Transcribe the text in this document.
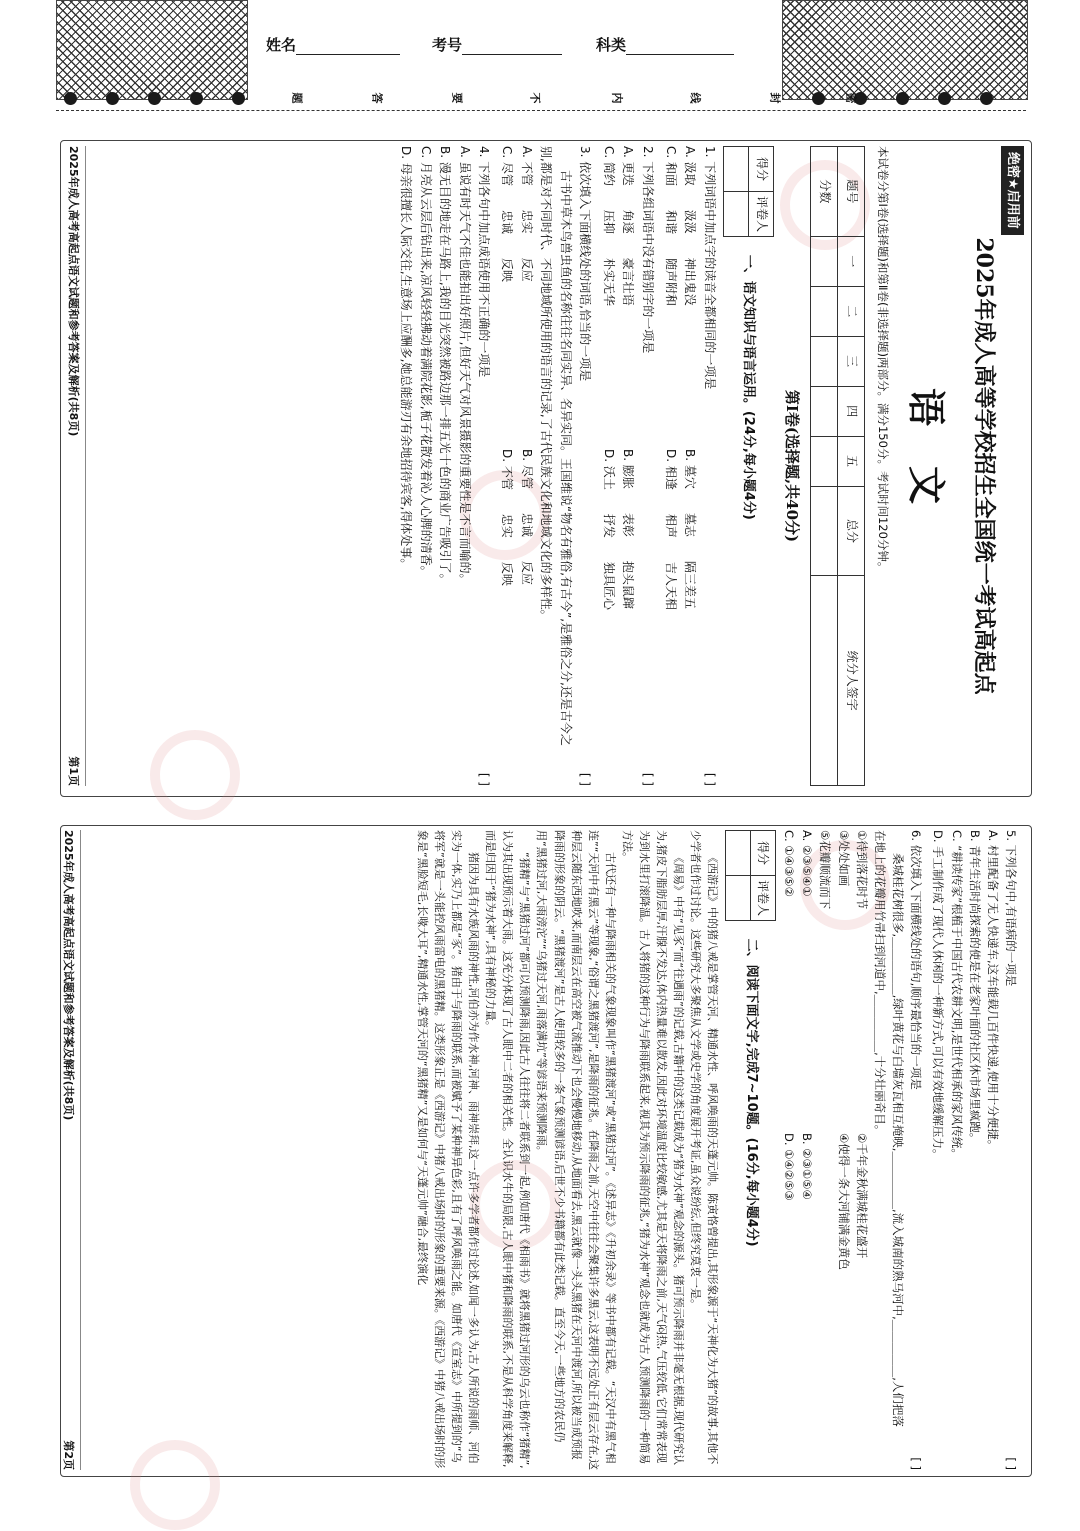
姓名	考号	科类
密
封
线
内
不
要
答
题
绝密★启用前
2025年成人高等学校招生全国统一考试高起点
语文
本试卷分第Ⅰ卷(选择题)和第Ⅱ卷(非选择题)两部分。满分150分。考试时间120分钟。
题号	一	二	三	四	五	总分	统分人签字
分数							
第Ⅰ卷(选择题,共40分)
得分	评卷人
	一、语文知识与语言运用。(24分,每小题4分)
1. 下列词语中加点字的读音全都相同的一项是
[ ]
A. 汲取　　汲汲　　神出鬼没
B. 墓穴　　墓志　　隔三差五
C. 和面　　和谐　　随声附和
D. 相逢　　相声　　吉人天相
2. 下列各组词语中没有错别字的一项是
[ ]
A. 更迭　　角逐　　豪言壮语
B. 膨胀　　表彰　　抱头鼠蹿
C. 简约　　压抑　　朴实无华
D. 沃土　　抒发　　独具匠心
3. 依次填入下面横线处的词语,恰当的一项是
[ ]
古书中草木鸟兽虫鱼的名称往往名同实异、名异实同。王国维说“物名有雅俗,有古今”,是雅俗之分,还是古今之别,都是对不同时代、不同地域所使用的语言的记录,了古代民族文化和地域文化的多样性。
A. 不管　　忠实　　反应
B. 尽管　　忠诚　　反应
C. 尽管　　忠诚　　反映
D. 不管　　忠实　　反映
4. 下列各句中加点成语使用不正确的一项是
[ ]
A. 虽说有时天气不佳也能拍出好照片,但好天气对风景摄影的重要性是不言而喻的。
B. 漫无目的地走在马路上,我的目光突然被路边那一排五光十色的商业广告吸引了。
C. 月亮从云层后钻出来,凉风轻轻拂动着满院花影,栀子花散发着沁人心脾的清香。
D. 母亲很擅长人际交往,生意场上应酬多,她总能游刃有余地招待宾客,得体处事。
2025年成人高考高起点语文试题和参考答案及解析(共8页)
第1页
5. 下列各句中,有语病的一项是
[ ]
A. 村里配备了无人快递车,这车能载几百件快递,使用十分便捷。
B. 青年生活时尚探索的使是在老家叶面的社区休市场里疯跑。
C. “耕读传家”根植于中国古代农耕文明,是世代相承的家风传统。
D. 手工制作成了现代人休闲的一种新方式,可以有效地缓解压力。
6. 依次填入下面横线处的语句,顺序最恰当的一项是
[ ]
桑城桂花树很多,＿＿＿＿＿,绿叶黄花与白墙灰瓦相互掩映,＿＿＿＿＿,流入城南的熟马河中,＿＿＿＿＿,人们把落在地上的花瓣用竹帚扫到河道中,＿＿＿＿＿,十分壮丽奇目。
①待到落花时节
②千年金秋满城桂花盛开
③处处如画
④使得一条大河铺满金黄色
⑤花瓣顺流而下
A. ②③⑤④①
B. ②③①⑤④
C. ①④③⑤②
D. ①④②⑤③
得分	评卷人
	二、阅读下面文字,完成7~10题。(16分,每小题4分)

《西游记》中的猪八戒是掌管天河、精通水性、呼风唤雨的天蓬元帅。陈寅恪曾提出,其形象源于“天神化为大猪”的故事,其他不少学者也作过讨论。这些研究大多聚焦从文学或史学的角度展开考证,虽众说纷纭,但终究莫衷一是。

《周易》中有“见豕”而“往遇雨”的记载,古籍中的这类记载成为“猪为水神”观念的源头。猪可预示降雨并非毫无根据,现代研究认为,猪皮下脂肪层厚,汗腺不发达,体内热量难以散发,因此对环境温度比较敏感,尤其是天将降雨之前,天气闷热,气压较低,它们常常表现为到水里打滚降温。古人将猪的这种行为与降雨联系起来,视其为预示降雨的征兆,“猪为水神”观念也就成为古人预测降雨的一种简易方法。

古代还有一种与降雨相关的气象现象叫作“黑猪渡河”或“黑猪过河”。《述异志》《升初余录》等书中都有记载。“天汉中有黑气相连”“天河中有黑云”等现象,“俗谓之黑猪渡河”,是降雨的征兆。在降雨之前,天空中往往会聚集许多黑云,这表明不远处正有层云存在,这种层云随东西地吹来,而南层云在高空被气流推动下也会慢慢地移动,从地面看去,黑云就像一头头黑猪在天河中渡河,所以被当成预报降雨的形象的阴云。“黑猪渡河”是古人使用较多的一条气象预测谚语,后世不少书籍都有此类记载。直至今天,一些地方的农民仍用“黑猪过河,大雨滂沱”“乌猪过天河,雨落满坑”等谚语来预测降雨。

“猪精”与“黑猪过河”都可以预测降雨,因此古人往往将二者联系到一起,例如唐代《相雨书》就将黑猪过河形的乌云也称作“猪精”,认为其出现预示着大雨。这充分体现了古人眼中二者的相关性。全认识水牛的局限,古人眼中猪和降雨的联系,不是从科学角度来解释,而是归因于“猪为水神”,具有神秘的力量。

猪因为具有水族风雨的神性,河伯亦为作水神,河神、雨神崇拜,这一点许多学者都作过论述,如闻一多认为,古人所说的雨师、河伯实为一体,实乃上都是“豕”。猪由于与降雨的联系,而被赋予了某种神异色彩,且有了呼风唤雨之能。如唐代《宣室志》中所提到的“乌将军”就是一头能控风雨雷电的黑猪精。这类形象正是《西游记》中猪八戒出场时的形象的重要来源。《西游记》中猪八戒出场时的形象是“黑脸短毛,长喙大耳”,精通水性,掌管天河的“黑猪精”又是如何与“天蓬元帅”融合,最终演化

2025年成人高考高起点语文试题和参考答案及解析(共8页)
第2页
